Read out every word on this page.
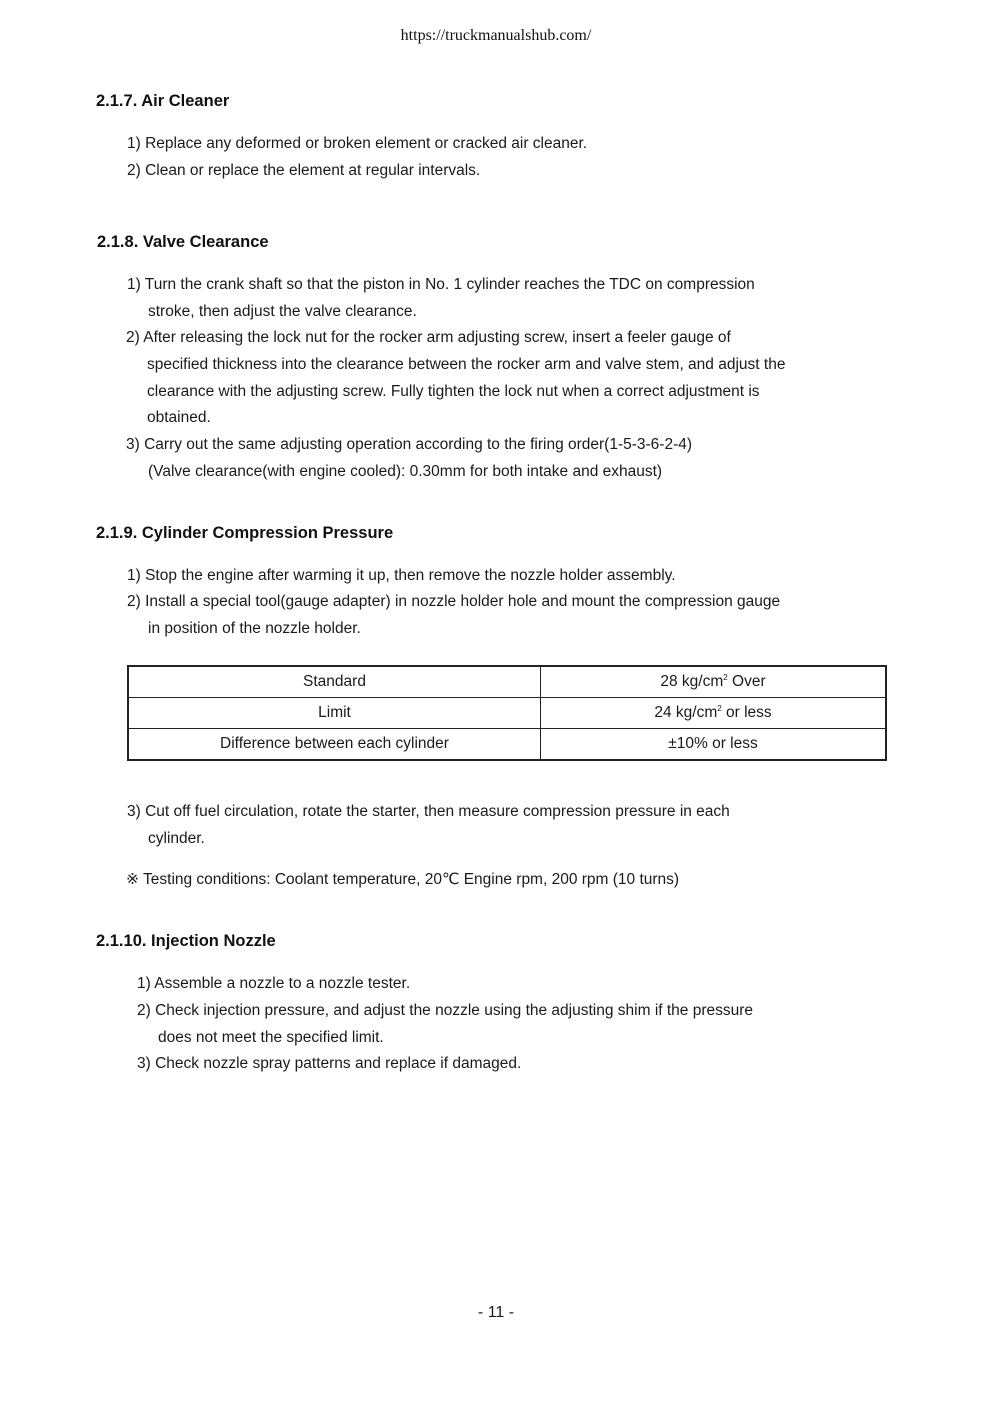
https://truckmanualshub.com/
2.1.7. Air Cleaner
1) Replace any deformed or broken element or cracked air cleaner.
2) Clean or replace the element at regular intervals.
2.1.8. Valve Clearance
1) Turn the crank shaft so that the piston in No. 1 cylinder reaches the TDC on compression
stroke, then adjust the valve clearance.
2) After releasing the lock nut for the rocker arm adjusting screw, insert a feeler gauge of
specified thickness into the clearance between the rocker arm and valve stem, and adjust the
clearance with the adjusting screw. Fully tighten the lock nut when a correct adjustment is
obtained.
3) Carry out the same adjusting operation according to the firing order(1-5-3-6-2-4)
(Valve clearance(with engine cooled): 0.30mm for both intake and exhaust)
2.1.9. Cylinder Compression Pressure
1) Stop the engine after warming it up, then remove the nozzle holder assembly.
2) Install a special tool(gauge adapter) in nozzle holder hole and mount the compression gauge
in position of the nozzle holder.
Standard	28 $kg/cm^2$ Over
Limit	24 $kg/cm^2$ or less
Difference between each cylinder	±10% or less
3) Cut off fuel circulation, rotate the starter, then measure compression pressure in each
cylinder.
※ Testing conditions: Coolant temperature, 20℃ Engine rpm, 200 rpm (10 turns)
2.1.10. Injection Nozzle
1) Assemble a nozzle to a nozzle tester.
2) Check injection pressure, and adjust the nozzle using the adjusting shim if the pressure
does not meet the specified limit.
3) Check nozzle spray patterns and replace if damaged.
- 11 -
